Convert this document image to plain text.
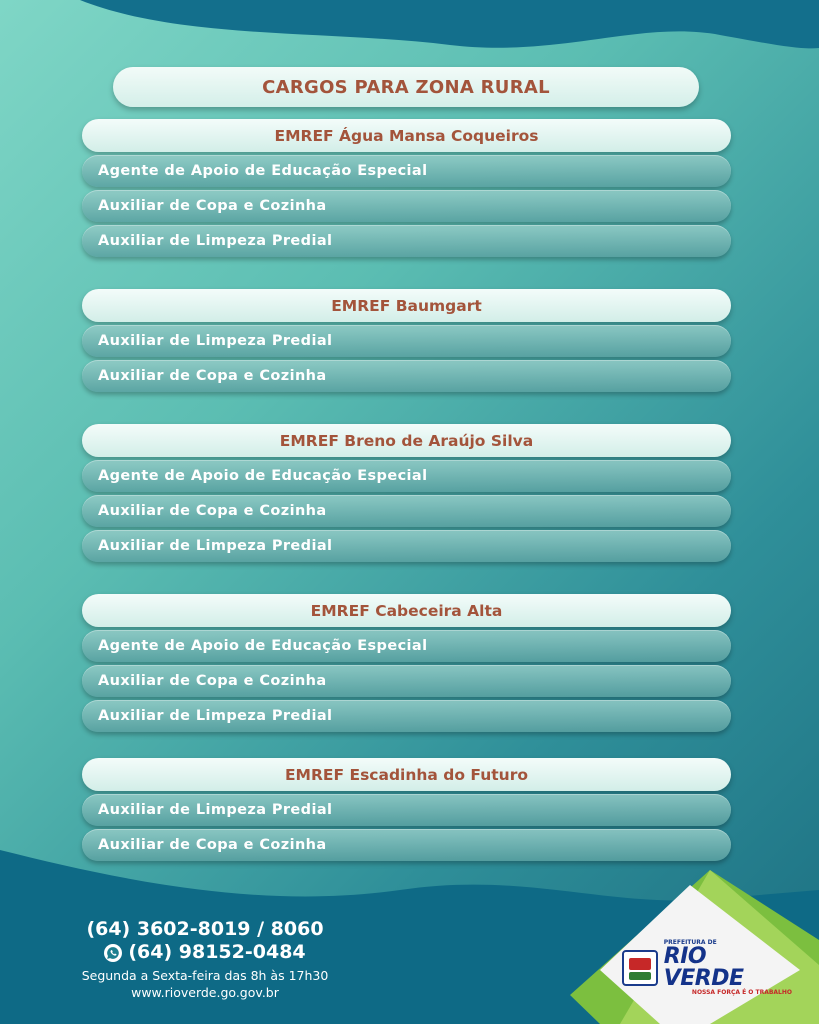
CARGOS PARA ZONA RURAL
EMREF Água Mansa Coqueiros
Agente de Apoio de Educação Especial
Auxiliar de Copa e Cozinha
Auxiliar de Limpeza Predial
EMREF Baumgart
Auxiliar de Limpeza Predial
Auxiliar de Copa e Cozinha
EMREF Breno de Araújo Silva
Agente de Apoio de Educação Especial
Auxiliar de Copa e Cozinha
Auxiliar de Limpeza Predial
EMREF Cabeceira Alta
Agente de Apoio de Educação Especial
Auxiliar de Copa e Cozinha
Auxiliar de Limpeza Predial
EMREF Escadinha do Futuro
Auxiliar de Limpeza Predial
Auxiliar de Copa e Cozinha
(64) 3602-8019 / 8060
(64) 98152-0484
Segunda a Sexta-feira das 8h às 17h30
www.rioverde.go.gov.br
PREFEITURA DE
RIO VERDE
NOSSA FORÇA É O TRABALHO
